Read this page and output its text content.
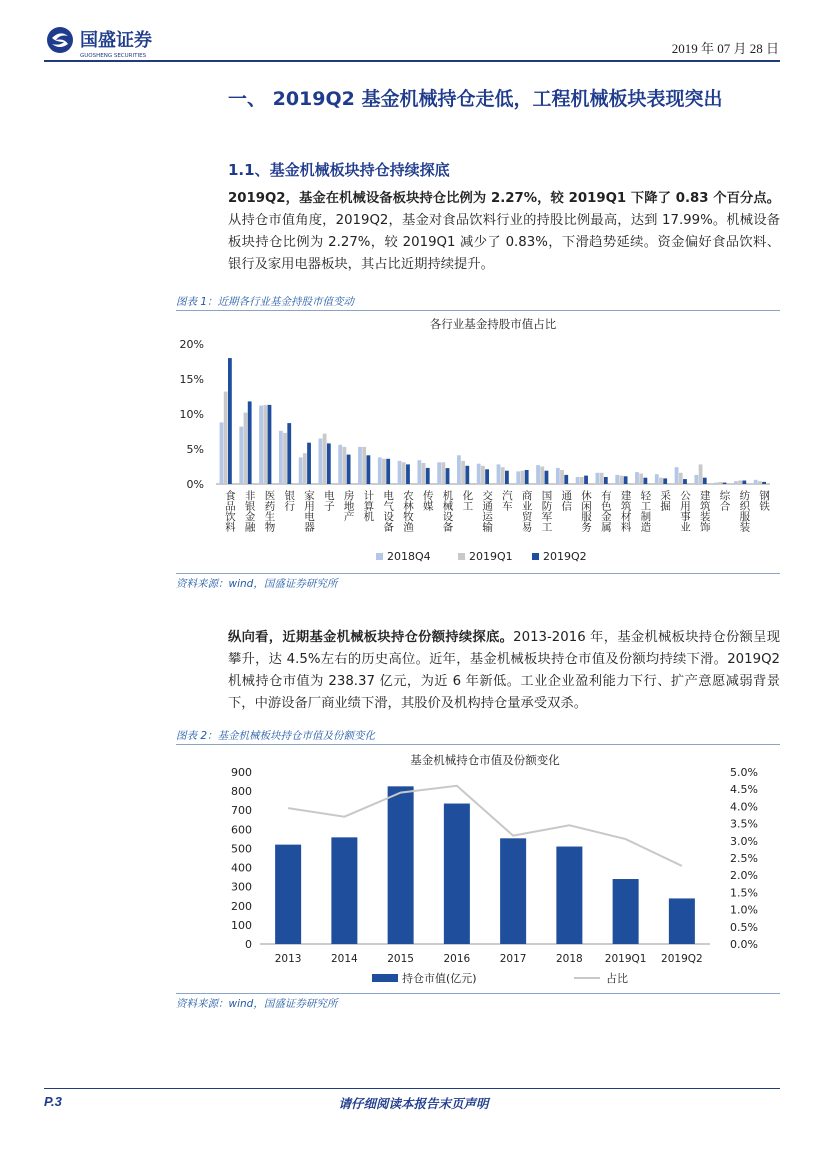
国盛证券
GUOSHENG SECURITIES	2019 年 07 月 28 日
一、 2019Q2 基金机械持仓走低，工程机械板块表现突出
1.1、基金机械板块持仓持续探底
2019Q2，基金在机械设备板块持仓比例为 2.27%，较 2019Q1 下降了 0.83 个百分点。从持仓市值角度，2019Q2，基金对食品饮料行业的持股比例最高，达到 17.99%。机械设备板块持仓比例为 2.27%，较 2019Q1 减少了 0.83%，下滑趋势延续。资金偏好食品饮料、银行及家用电器板块，其占比近期持续提升。
图表 1：近期各行业基金持股市值变动
各行业基金持股市值占比
0%
5%
10%
15%
20%
食品饮料 非银金融 医药生物 银行 家用电器 电子 房地产 计算机 电气设备 农林牧渔 传媒 机械设备 化工 交通运输 汽车 商业贸易 国防军工 通信 休闲服务 有色金属 建筑材料 轻工制造 采掘 公用事业 建筑装饰 综合 纺织服装 钢铁
2018Q4	2019Q1	2019Q2
资料来源：wind，国盛证券研究所
纵向看，近期基金机械板块持仓份额持续探底。2013-2016 年，基金机械板块持仓份额呈现攀升，达 4.5%左右的历史高位。近年，基金机械板块持仓市值及份额均持续下滑。2019Q2 机械持仓市值为 238.37 亿元，为近 6 年新低。工业企业盈利能力下行、扩产意愿减弱背景下，中游设备厂商业绩下滑，其股价及机构持仓量承受双杀。
图表 2：基金机械板块持仓市值及份额变化
基金机械持仓市值及份额变化
0
100
200
300
400
500
600
700
800
900
0.0%
0.5%
1.0%
1.5%
2.0%
2.5%
3.0%
3.5%
4.0%
4.5%
5.0%
2013	2014	2015	2016	2017	2018 2019Q1 2019Q2
持仓市值(亿元)	占比
资料来源：wind，国盛证券研究所
P.3	请仔细阅读本报告末页声明
